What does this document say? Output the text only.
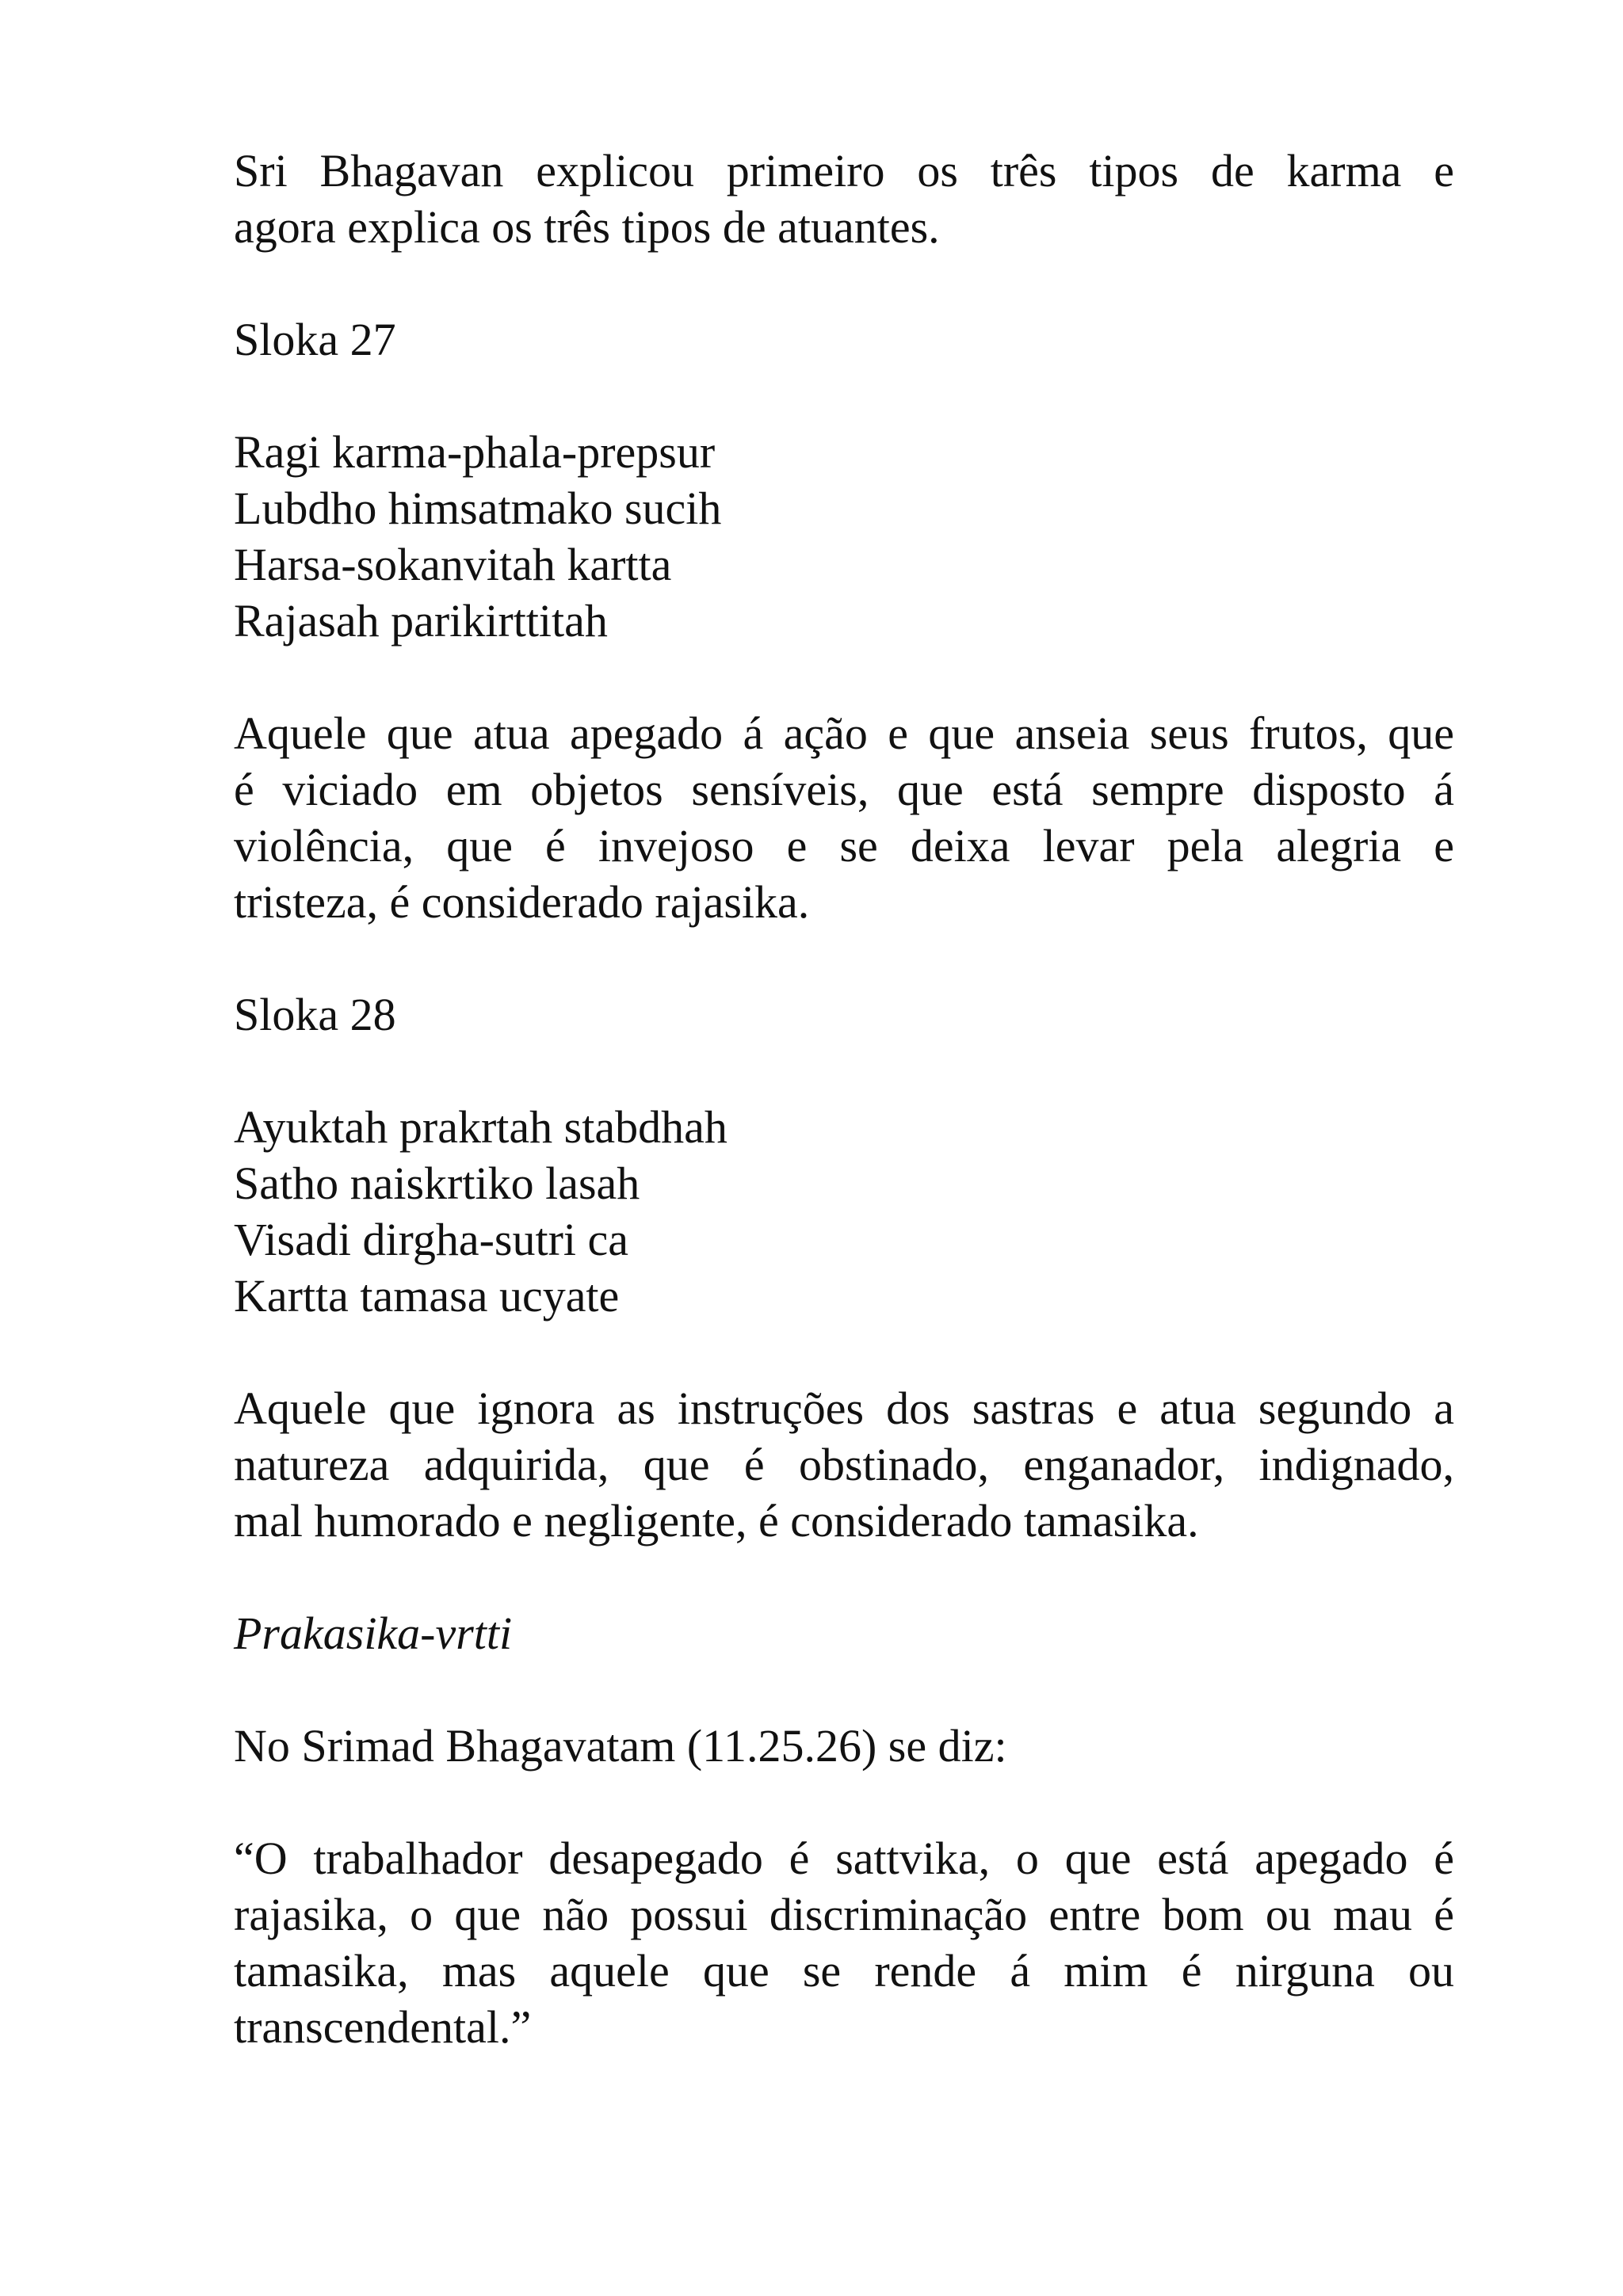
Sri Bhagavan explicou primeiro os três tipos de karma e
agora explica os três tipos de atuantes.
Sloka 27
Ragi karma-phala-prepsur
Lubdho himsatmako sucih
Harsa-sokanvitah kartta
Rajasah parikirttitah
Aquele que atua apegado á ação e que anseia seus frutos, que
é viciado em objetos sensíveis, que está sempre disposto á
violência, que é invejoso e se deixa levar pela alegria e
tristeza, é considerado rajasika.
Sloka 28
Ayuktah prakrtah stabdhah
Satho naiskrtiko lasah
Visadi dirgha-sutri ca
Kartta tamasa ucyate
Aquele que ignora as instruções dos sastras e atua segundo a
natureza adquirida, que é obstinado, enganador, indignado,
mal humorado e negligente, é considerado tamasika.
Prakasika-vrtti
No Srimad Bhagavatam (11.25.26) se diz:
“O trabalhador desapegado é sattvika, o que está apegado é
rajasika, o que não possui discriminação entre bom ou mau é
tamasika, mas aquele que se rende á mim é nirguna ou
transcendental.”
